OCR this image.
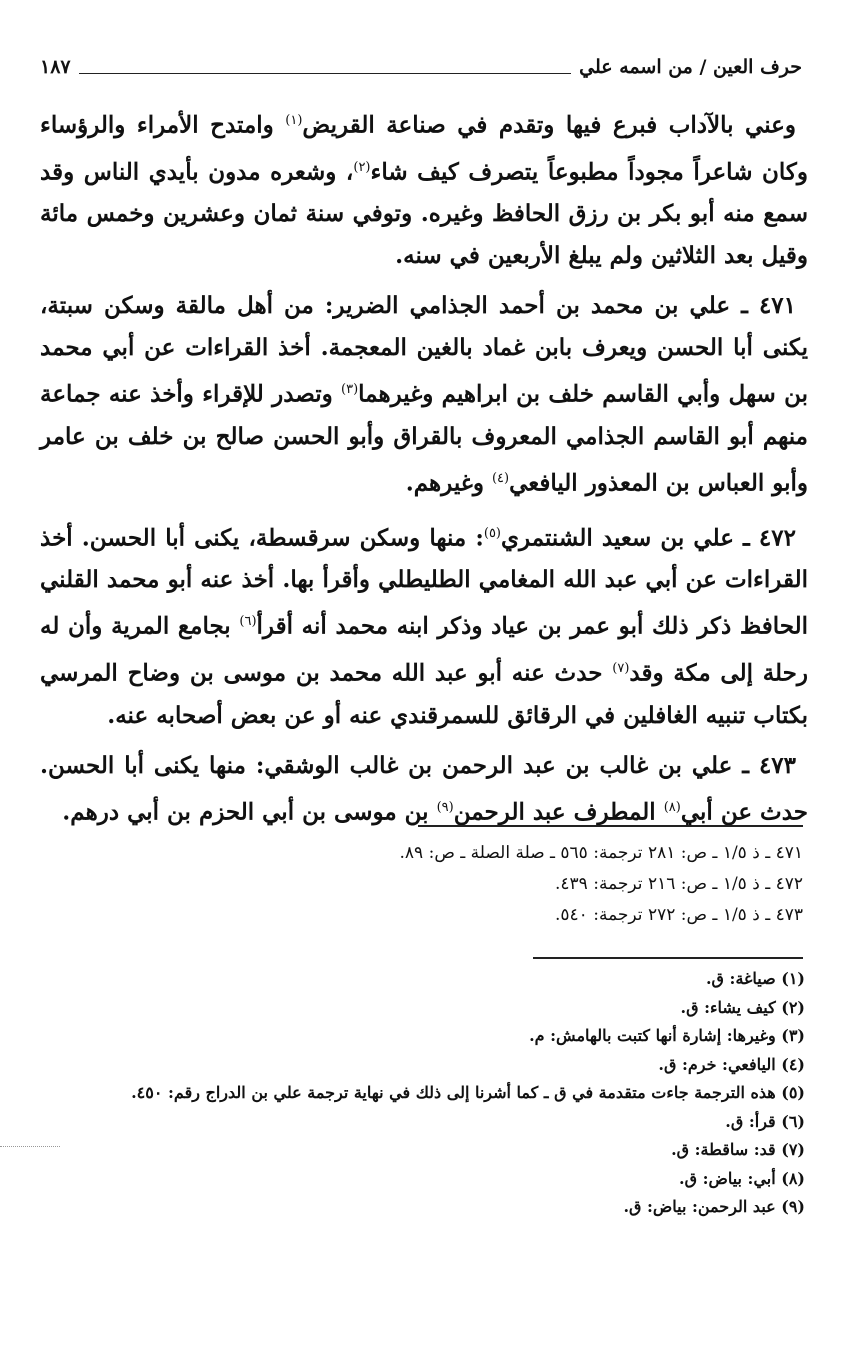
حرف العين / من اسمه علي
١٨٧

وعني بالآداب فبرع فيها وتقدم في صناعة القريض$^{(١)}$ وامتدح الأمراء والرؤساء وكان شاعراً مجوداً مطبوعاً يتصرف كيف شاء$^{(٢)}$، وشعره مدون بأيدي الناس وقد سمع منه أبو بكر بن رزق الحافظ وغيره. وتوفي سنة ثمان وعشرين وخمس مائة وقيل بعد الثلاثين ولم يبلغ الأربعين في سنه.

٤٧١ ـ علي بن محمد بن أحمد الجذامي الضرير: من أهل مالقة وسكن سبتة، يكنى أبا الحسن ويعرف بابن غماد بالغين المعجمة. أخذ القراءات عن أبي محمد بن سهل وأبي القاسم خلف بن ابراهيم وغيرهما$^{(٣)}$ وتصدر للإقراء وأخذ عنه جماعة منهم أبو القاسم الجذامي المعروف بالقراق وأبو الحسن صالح بن خلف بن عامر وأبو العباس بن المعذور اليافعي$^{(٤)}$ وغيرهم.

٤٧٢ ـ علي بن سعيد الشنتمري$^{(٥)}$: منها وسكن سرقسطة، يكنى أبا الحسن. أخذ القراءات عن أبي عبد الله المغامي الطليطلي وأقرأ بها. أخذ عنه أبو محمد القلني الحافظ ذكر ذلك أبو عمر بن عياد وذكر ابنه محمد أنه أقرأ$^{(٦)}$ بجامع المرية وأن له رحلة إلى مكة وقد$^{(٧)}$ حدث عنه أبو عبد الله محمد بن موسى بن وضاح المرسي بكتاب تنبيه الغافلين في الرقائق للسمرقندي عنه أو عن بعض أصحابه عنه.

٤٧٣ ـ علي بن غالب بن عبد الرحمن بن غالب الوشقي: منها يكنى أبا الحسن. حدث عن أبي$^{(٨)}$ المطرف عبد الرحمن$^{(٩)}$ بن موسى بن أبي الحزم بن أبي درهم.

٤٧١ ـ ذ ١/٥ ـ ص: ٢٨١ ترجمة: ٥٦٥ ـ صلة الصلة ـ ص: ٨٩.
٤٧٢ ـ ذ ١/٥ ـ ص: ٢١٦ ترجمة: ٤٣٩.
٤٧٣ ـ ذ ١/٥ ـ ص: ٢٧٢ ترجمة: ٥٤٠.
(١) صياغة: ق.
(٢) كيف يشاء: ق.
(٣) وغيرها: إشارة أنها كتبت بالهامش: م.
(٤) اليافعي: خرم: ق.
(٥) هذه الترجمة جاءت متقدمة في ق ـ كما أشرنا إلى ذلك في نهاية ترجمة علي بن الدراج رقم: ٤٥٠.
(٦) قرأ: ق.
(٧) قد: ساقطة: ق.
(٨) أبي: بياض: ق.
(٩) عبد الرحمن: بياض: ق.
